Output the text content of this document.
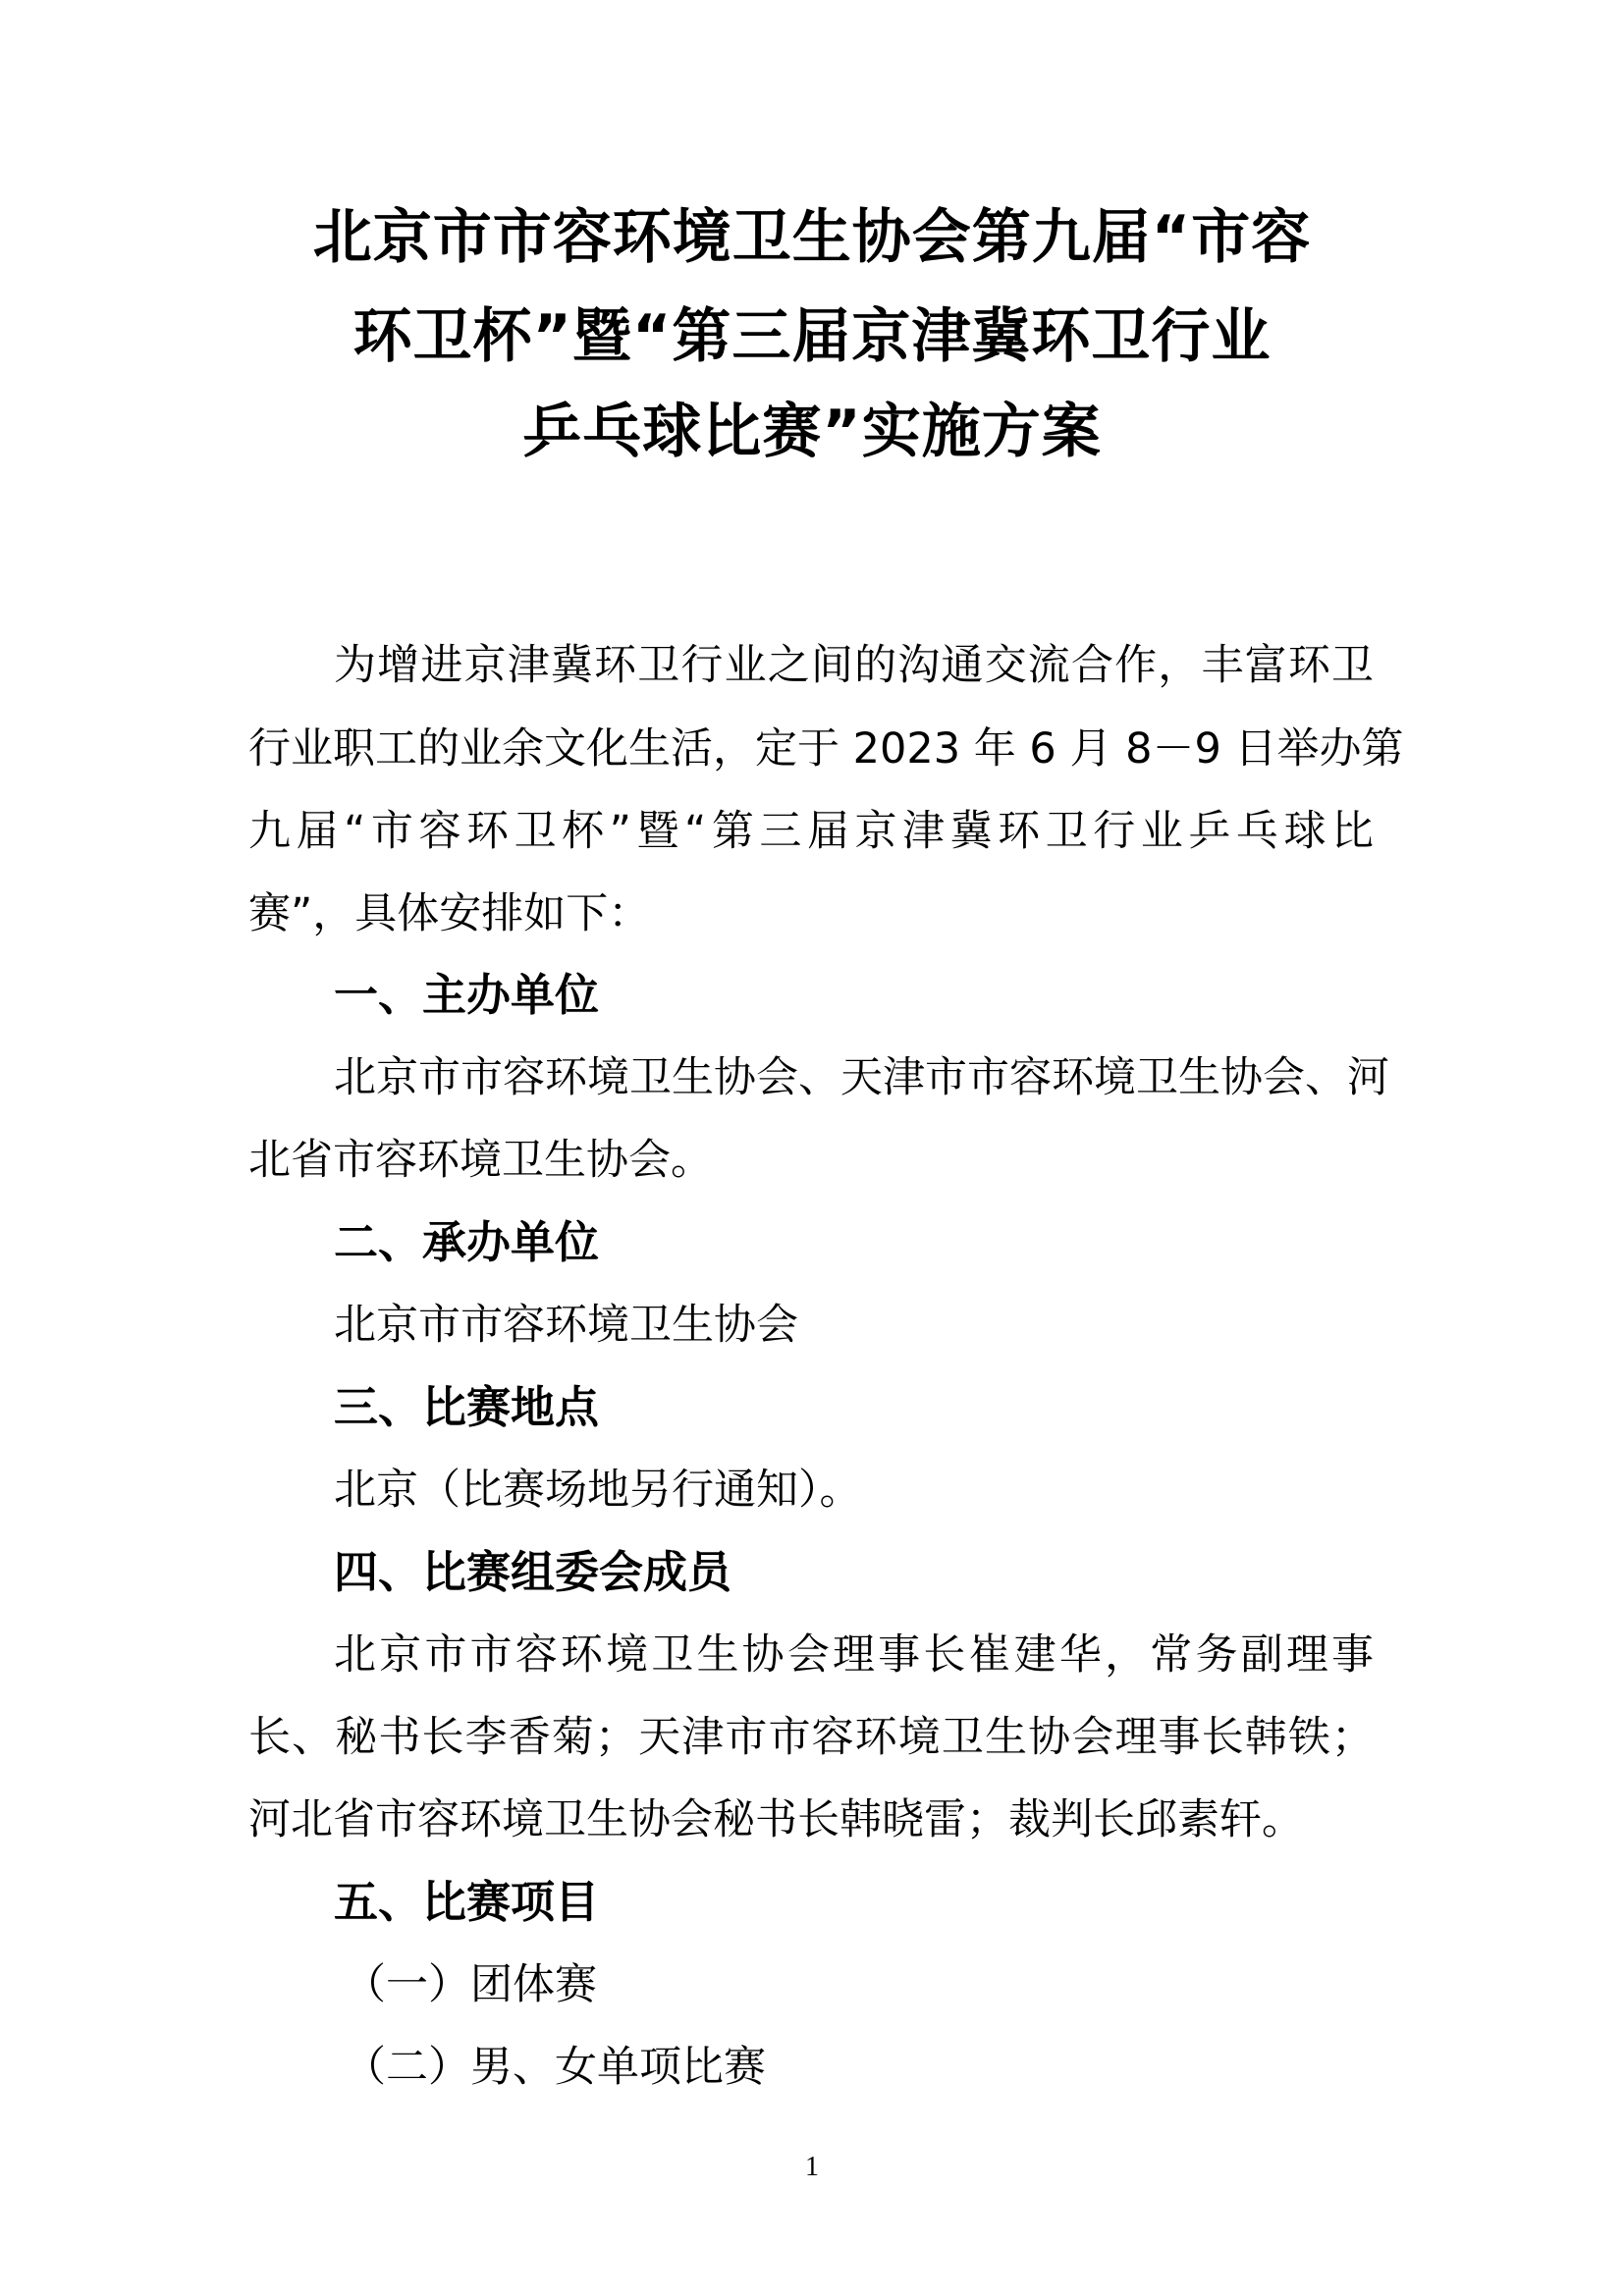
北京市市容环境卫生协会第九届“市容
环卫杯”暨“第三届京津冀环卫行业
乒乓球比赛”实施方案
为增进京津冀环卫行业之间的沟通交流合作，丰富环卫
行业职工的业余文化生活，定于 2023 年 6 月 8－9 日举办第
九届“市容环卫杯”暨“第三届京津冀环卫行业乒乓球比
赛”，具体安排如下：
一、主办单位
北京市市容环境卫生协会、天津市市容环境卫生协会、河
北省市容环境卫生协会。
二、承办单位
北京市市容环境卫生协会
三、比赛地点
北京（比赛场地另行通知）。
四、比赛组委会成员
北京市市容环境卫生协会理事长崔建华，常务副理事
长、秘书长李香菊；天津市市容环境卫生协会理事长韩铁；
河北省市容环境卫生协会秘书长韩晓雷；裁判长邱素轩。
五、比赛项目
（一）团体赛
（二）男、女单项比赛
1
